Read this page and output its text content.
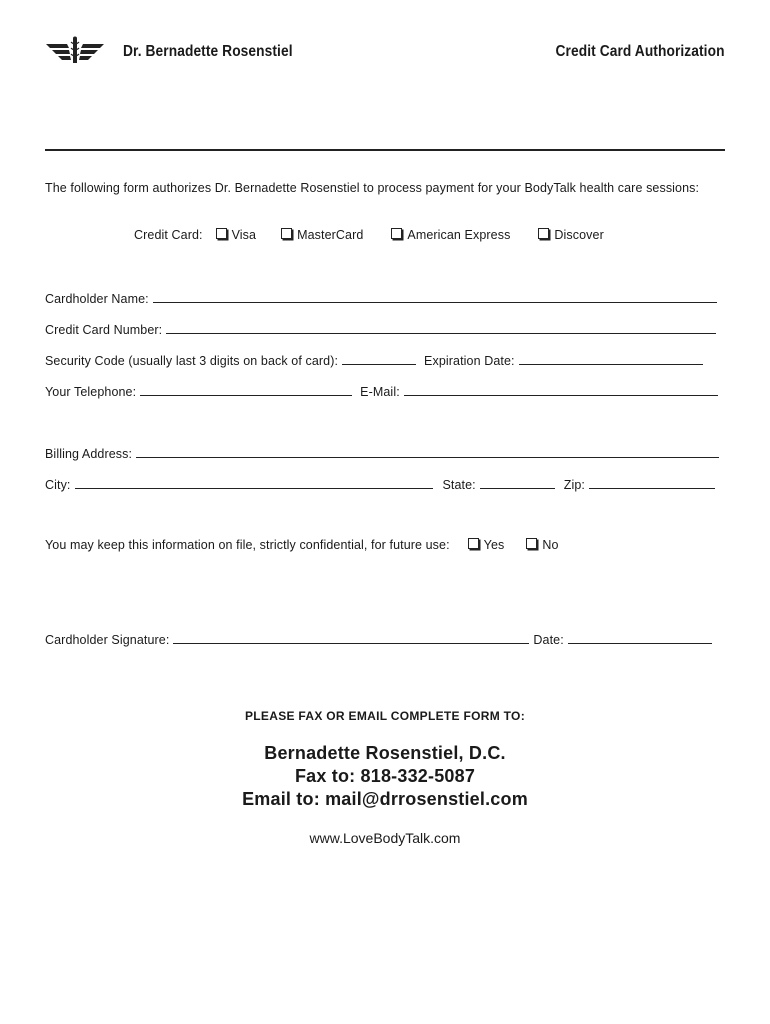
Dr. Bernadette Rosenstiel	Credit Card Authorization
The following form authorizes Dr. Bernadette Rosenstiel to process payment for your BodyTalk health care sessions:
Credit Card:	Visa	MasterCard	American Express	Discover
Cardholder Name:
Credit Card Number:
Security Code (usually last 3 digits on back of card):	Expiration Date:
Your Telephone:	E-Mail:
Billing Address:
City:	State:	Zip:
You may keep this information on file, strictly confidential, for future use:	Yes	No
Cardholder Signature:	Date:
PLEASE FAX OR EMAIL COMPLETE FORM TO:
Bernadette Rosenstiel, D.C.
Fax to: 818-332-5087
Email to: mail@drrosenstiel.com
www.LoveBodyTalk.com
